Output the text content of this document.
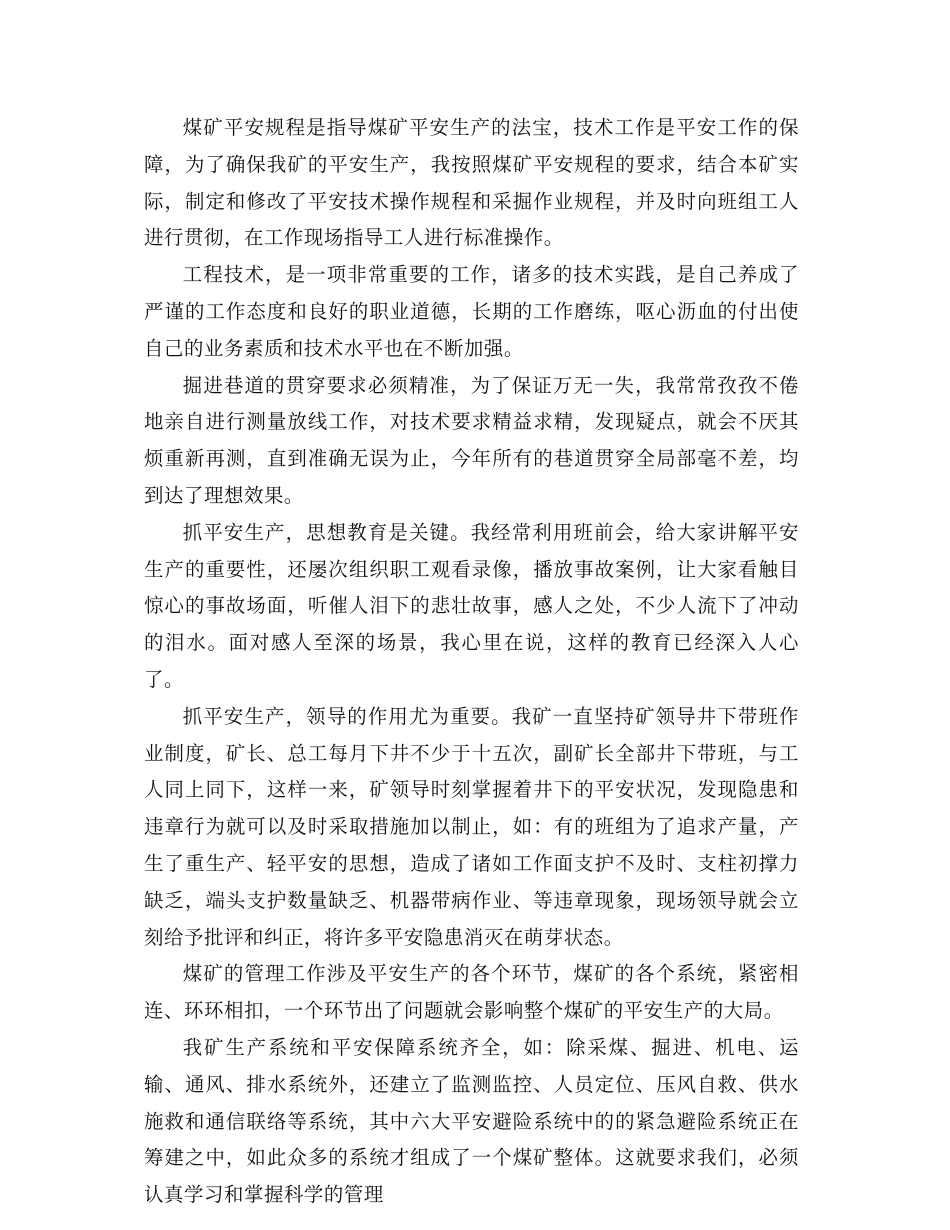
煤矿平安规程是指导煤矿平安生产的法宝，技术工作是平安工作的保障，为了确保我矿的平安生产，我按照煤矿平安规程的要求，结合本矿实际，制定和修改了平安技术操作规程和采掘作业规程，并及时向班组工人进行贯彻，在工作现场指导工人进行标准操作。

工程技术，是一项非常重要的工作，诸多的技术实践，是自己养成了严谨的工作态度和良好的职业道德，长期的工作磨练，呕心沥血的付出使自己的业务素质和技术水平也在不断加强。

掘进巷道的贯穿要求必须精准，为了保证万无一失，我常常孜孜不倦地亲自进行测量放线工作，对技术要求精益求精，发现疑点，就会不厌其烦重新再测，直到准确无误为止，今年所有的巷道贯穿全局部毫不差，均到达了理想效果。

抓平安生产，思想教育是关键。我经常利用班前会，给大家讲解平安生产的重要性，还屡次组织职工观看录像，播放事故案例，让大家看触目惊心的事故场面，听催人泪下的悲壮故事，感人之处，不少人流下了冲动的泪水。面对感人至深的场景，我心里在说，这样的教育已经深入人心了。

抓平安生产，领导的作用尤为重要。我矿一直坚持矿领导井下带班作业制度，矿长、总工每月下井不少于十五次，副矿长全部井下带班，与工人同上同下，这样一来，矿领导时刻掌握着井下的平安状况，发现隐患和违章行为就可以及时采取措施加以制止，如：有的班组为了追求产量，产生了重生产、轻平安的思想，造成了诸如工作面支护不及时、支柱初撑力缺乏，端头支护数量缺乏、机器带病作业、等违章现象，现场领导就会立刻给予批评和纠正，将许多平安隐患消灭在萌芽状态。

煤矿的管理工作涉及平安生产的各个环节，煤矿的各个系统，紧密相连、环环相扣，一个环节出了问题就会影响整个煤矿的平安生产的大局。

我矿生产系统和平安保障系统齐全，如：除采煤、掘进、机电、运输、通风、排水系统外，还建立了监测监控、人员定位、压风自救、供水施救和通信联络等系统，其中六大平安避险系统中的的紧急避险系统正在筹建之中，如此众多的系统才组成了一个煤矿整体。这就要求我们，必须认真学习和掌握科学的管理
